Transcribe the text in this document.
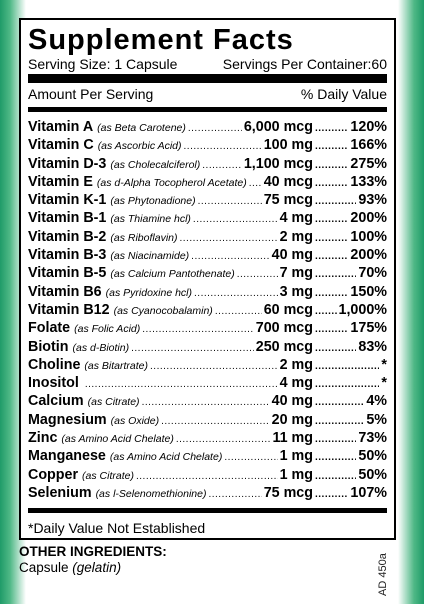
Supplement Facts
Serving Size: 1 Capsule	Servings Per Container:60
Amount Per Serving	% Daily Value
Vitamin A (as Beta Carotene) .....	6,000 mcg .....	120%
Vitamin C (as Ascorbic Acid) .....	100 mg .....	166%
Vitamin D-3 (as Cholecalciferol) .....	1,100 mcg .....	275%
Vitamin E (as d-Alpha Tocopherol Acetate) ..... 40 mcg .....	133%
Vitamin K-1 (as Phytonadione) .....	75 mcg .....	93%
Vitamin B-1 (as Thiamine hcl) .....	4 mg .....	200%
Vitamin B-2 (as Riboflavin) .....	2 mg .....	100%
Vitamin B-3 (as Niacinamide) .....	40 mg .....	200%
Vitamin B-5 (as Calcium Pantothenate) .....	7 mg .....	70%
Vitamin B6 (as Pyridoxine hcl) .....	3 mg .....	150%
Vitamin B12 (as Cyanocobalamin) .....	60 mcg ..... 1,000%
Folate (as Folic Acid) .....	700 mcg .....	175%
Biotin (as d-Biotin) .....	250 mcg .....	83%
Choline (as Bitartrate) .....	2 mg .....	*
Inositol .....	4 mg .....	*
Calcium (as Citrate) .....	40 mg .....	4%
Magnesium (as Oxide) .....	20 mg .....	5%
Zinc (as Amino Acid Chelate) .....	11 mg .....	73%
Manganese (as Amino Acid Chelate) .....	1 mg .....	50%
Copper (as Citrate) .....	1 mg .....	50%
Selenium (as l-Selenomethionine) .....	75 mcg .....	107%
*Daily Value Not Established
OTHER INGREDIENTS:
Capsule (gelatin)	AD 450a
